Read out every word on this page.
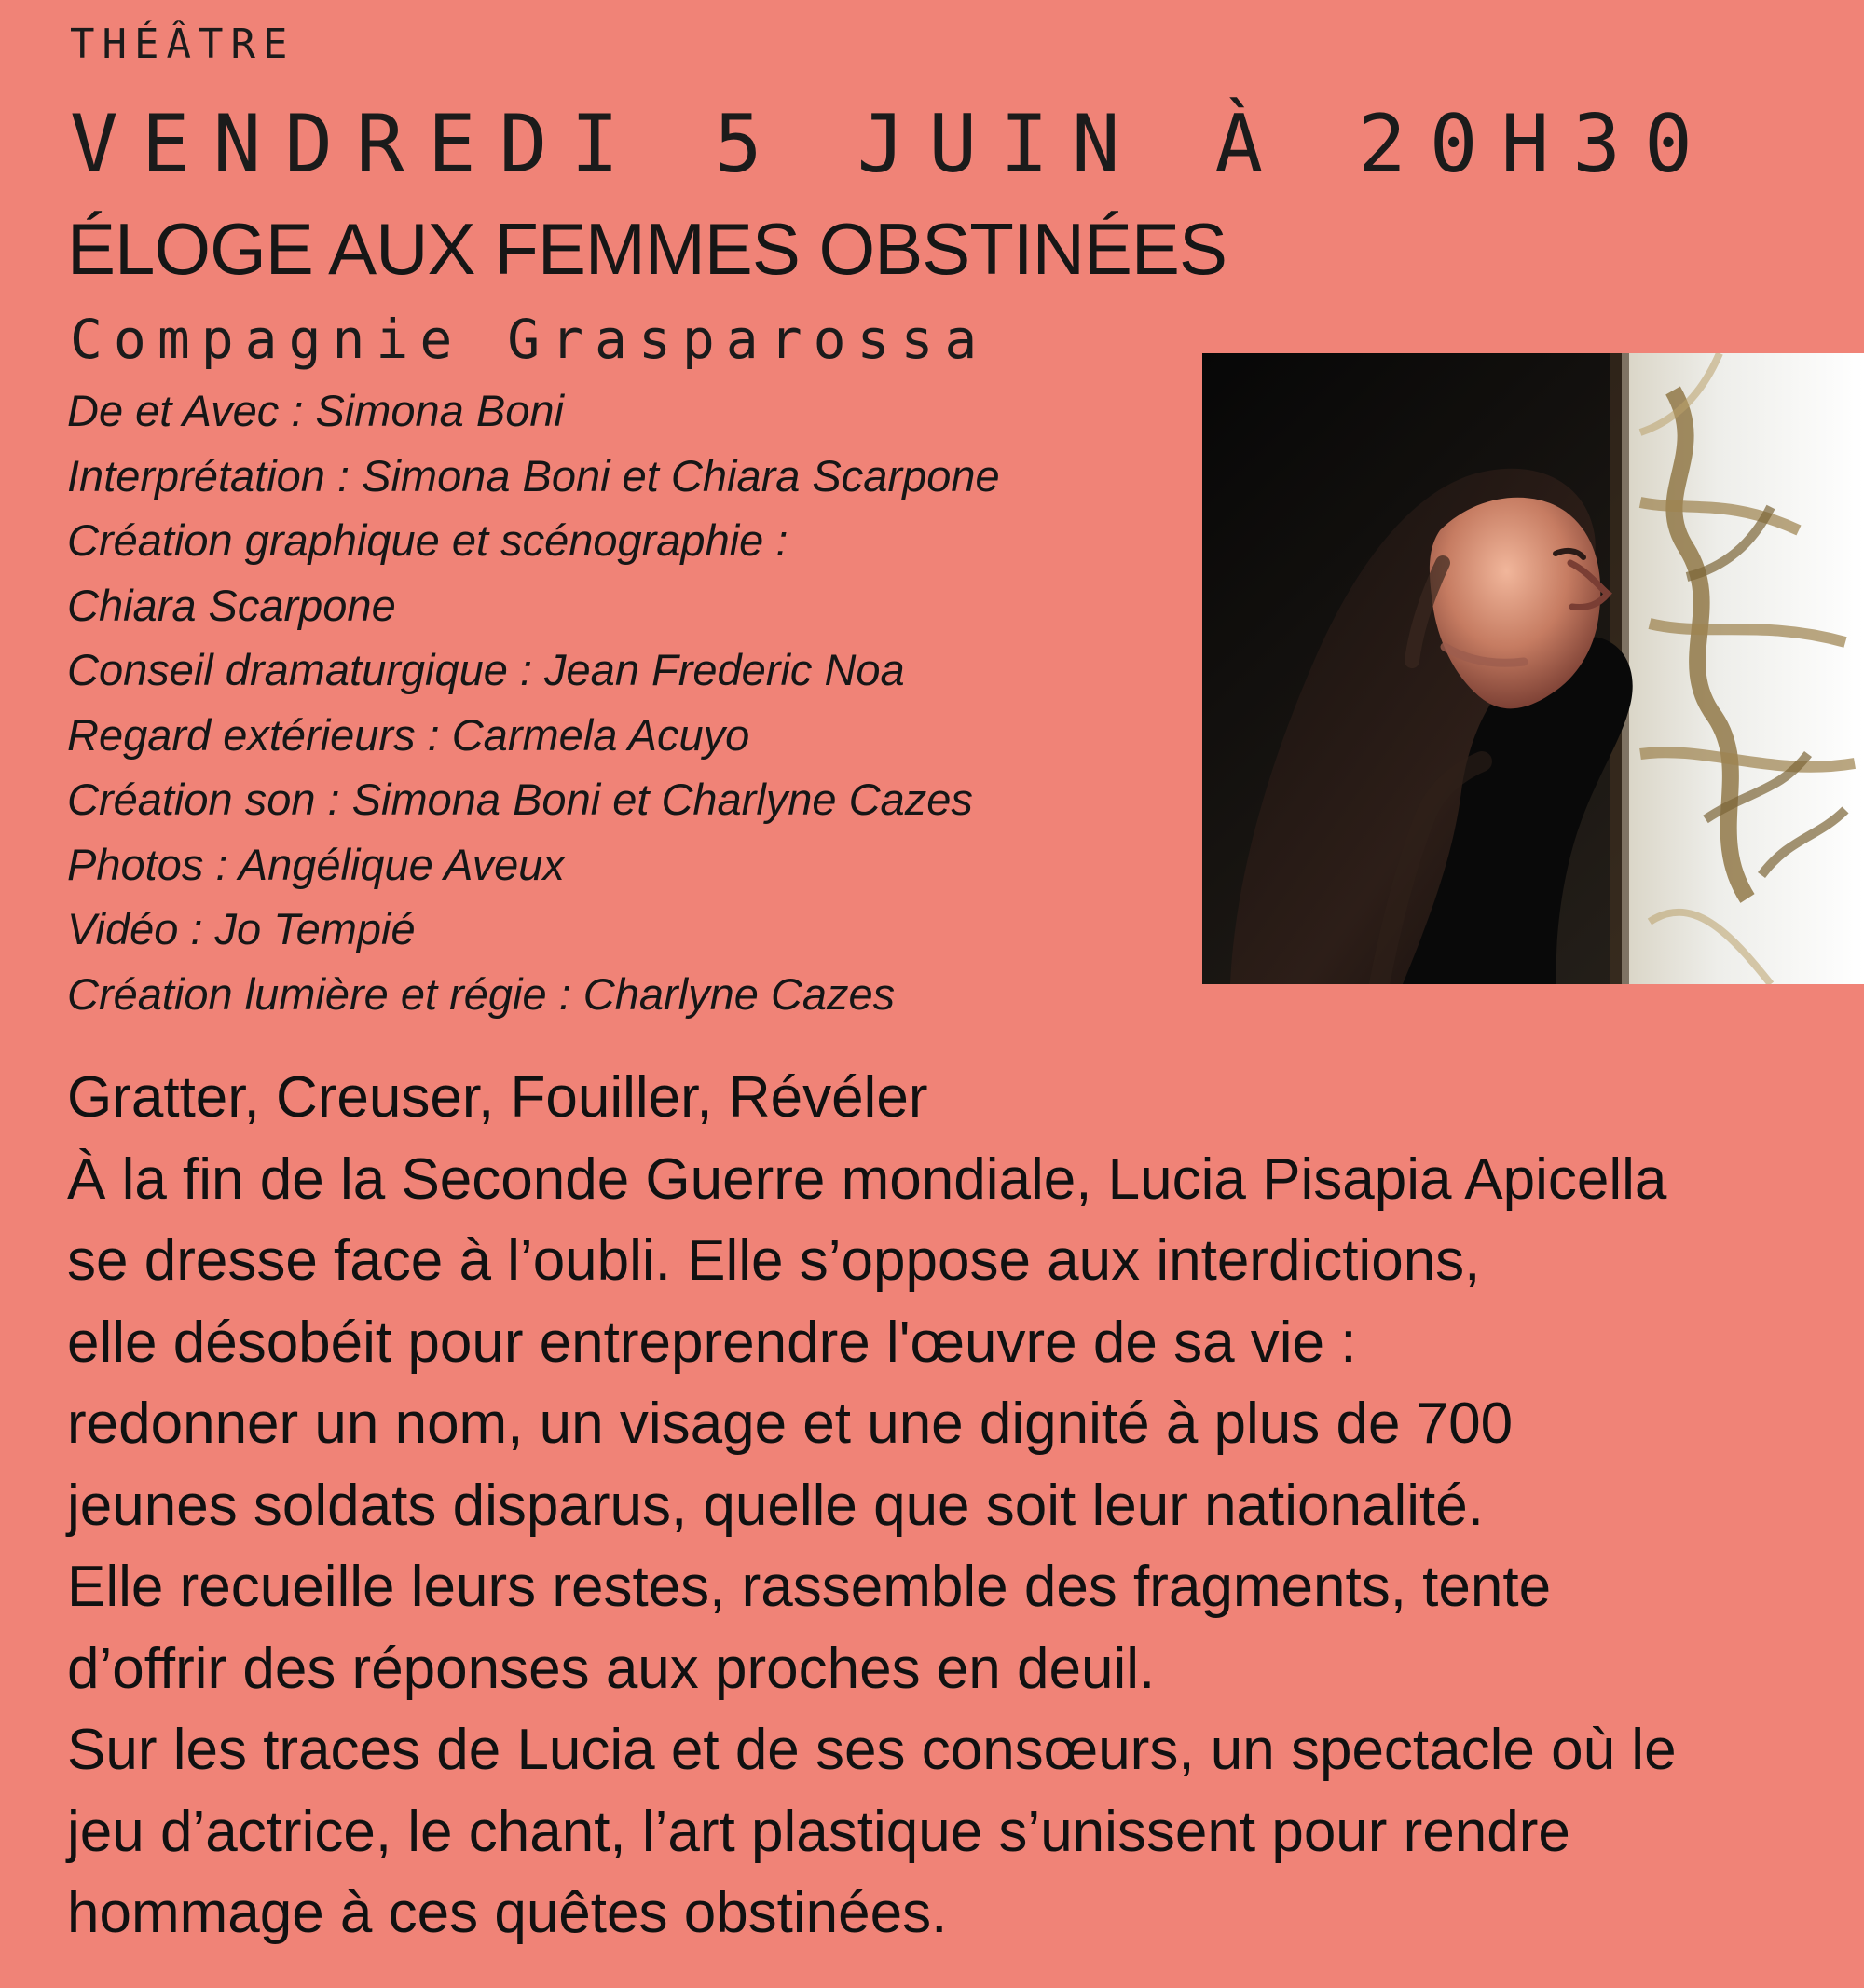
THÉÂTRE
VENDREDI 5 JUIN À 20H30
ÉLOGE AUX FEMMES OBSTINÉES
Compagnie Grasparossa
De et Avec : Simona Boni
Interprétation : Simona Boni et Chiara Scarpone
Création graphique et scénographie :
Chiara Scarpone
Conseil dramaturgique : Jean Frederic Noa
Regard extérieurs : Carmela Acuyo
Création son : Simona Boni et Charlyne Cazes
Photos : Angélique Aveux
Vidéo : Jo Tempié
Création lumière et régie : Charlyne Cazes
Gratter, Creuser, Fouiller, Révéler
À la fin de la Seconde Guerre mondiale, Lucia Pisapia Apicella
se dresse face à l’oubli. Elle s’oppose aux interdictions,
elle désobéit pour entreprendre l'œuvre de sa vie :
redonner un nom, un visage et une dignité à plus de 700
jeunes soldats disparus, quelle que soit leur nationalité.
Elle recueille leurs restes, rassemble des fragments, tente
d’offrir des réponses aux proches en deuil.
Sur les traces de Lucia et de ses consœurs, un spectacle où le
jeu d’actrice, le chant, l’art plastique s’unissent pour rendre
hommage à ces quêtes obstinées.
